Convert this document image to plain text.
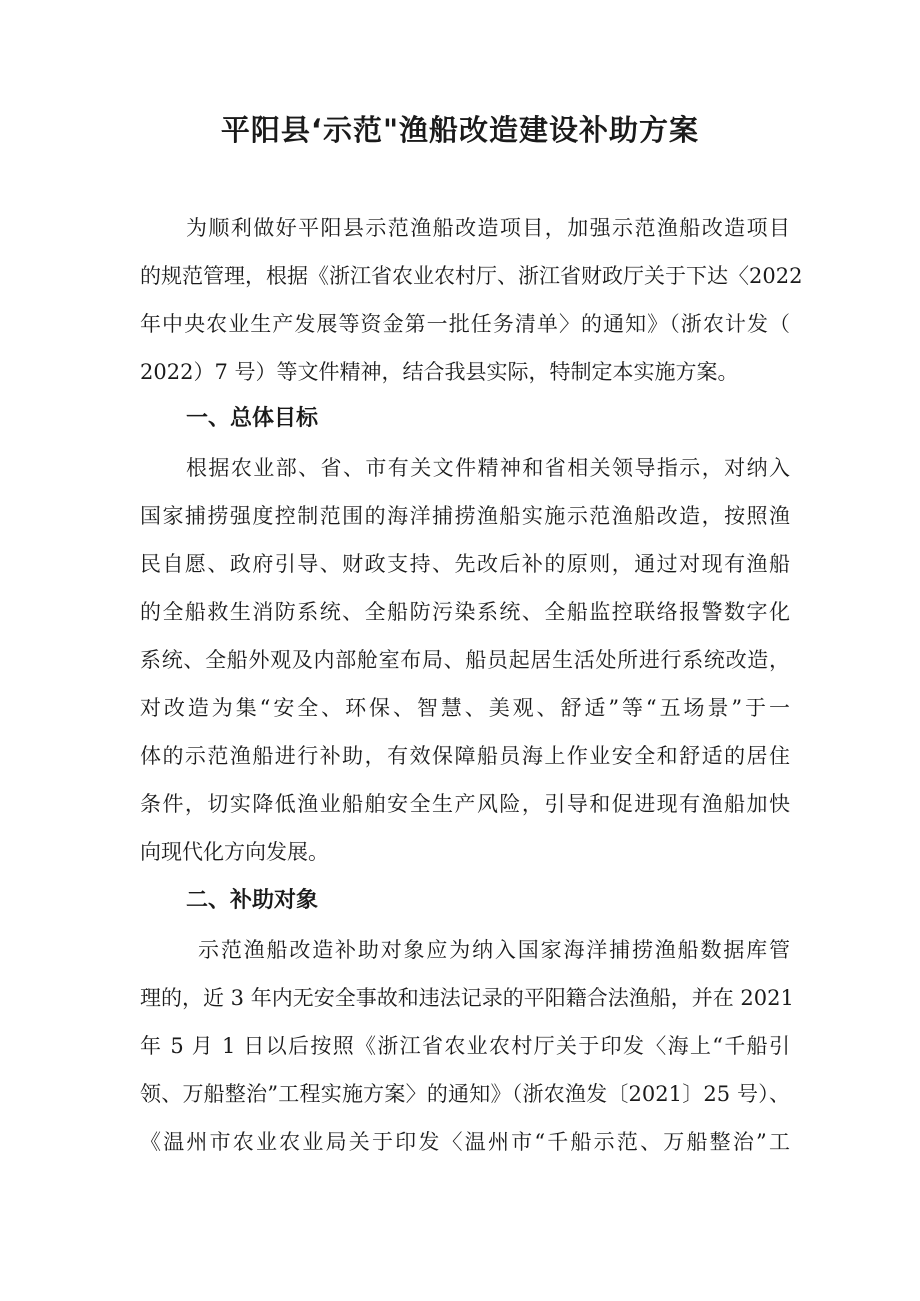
平阳县‘示范"渔船改造建设补助方案

为顺利做好平阳县示范渔船改造项目，加强示范渔船改造项目

的规范管理，根据《浙江省农业农村厅、浙江省财政厅关于下达〈2022

年中央农业生产发展等资金第一批任务清单〉的通知》（浙农计发（

2022）7 号）等文件精神，结合我县实际，特制定本实施方案。

一、总体目标

根据农业部、省、市有关文件精神和省相关领导指示，对纳入

国家捕捞强度控制范围的海洋捕捞渔船实施示范渔船改造，按照渔

民自愿、政府引导、财政支持、先改后补的原则，通过对现有渔船

的全船救生消防系统、全船防污染系统、全船监控联络报警数字化

系统、全船外观及内部舱室布局、船员起居生活处所进行系统改造，

对改造为集“安全、环保、智慧、美观、舒适”等“五场景”于一

体的示范渔船进行补助，有效保障船员海上作业安全和舒适的居住

条件，切实降低渔业船舶安全生产风险，引导和促进现有渔船加快

向现代化方向发展。

二、补助对象

示范渔船改造补助对象应为纳入国家海洋捕捞渔船数据库管

理的，近 3 年内无安全事故和违法记录的平阳籍合法渔船，并在 2021

年 5 月 1 日以后按照《浙江省农业农村厅关于印发〈海上“千船引

领、万船整治”工程实施方案〉的通知》（浙农渔发〔2021〕25 号）、

《温州市农业农业局关于印发〈温州市“千船示范、万船整治”工
